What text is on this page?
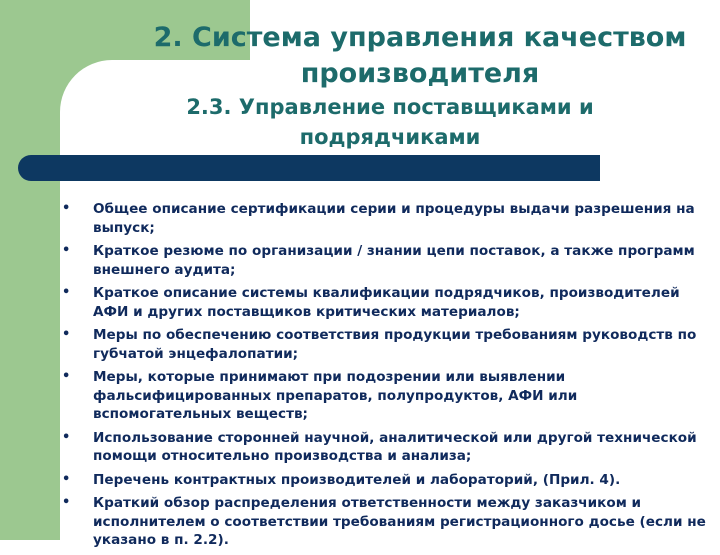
2. Система управления качеством производителя
2.3. Управление поставщиками и подрядчиками
• Общее описание сертификации серии и процедуры выдачи разрешения на выпуск;
• Краткое резюме по организации / знании цепи поставок, а также программ внешнего аудита;
• Краткое описание системы квалификации подрядчиков, производителей АФИ и других поставщиков критических материалов;
• Меры по обеспечению соответствия продукции требованиям руководств по губчатой энцефалопатии;
• Меры, которые принимают при подозрении или выявлении фальсифицированных препаратов, полупродуктов, АФИ или вспомогательных веществ;
• Использование сторонней научной, аналитической или другой технической помощи относительно производства и анализа;
• Перечень контрактных производителей и лабораторий, (Прил. 4).
• Краткий обзор распределения ответственности между заказчиком и исполнителем о соответствии требованиям регистрационного досье (если не указано в п. 2.2).
